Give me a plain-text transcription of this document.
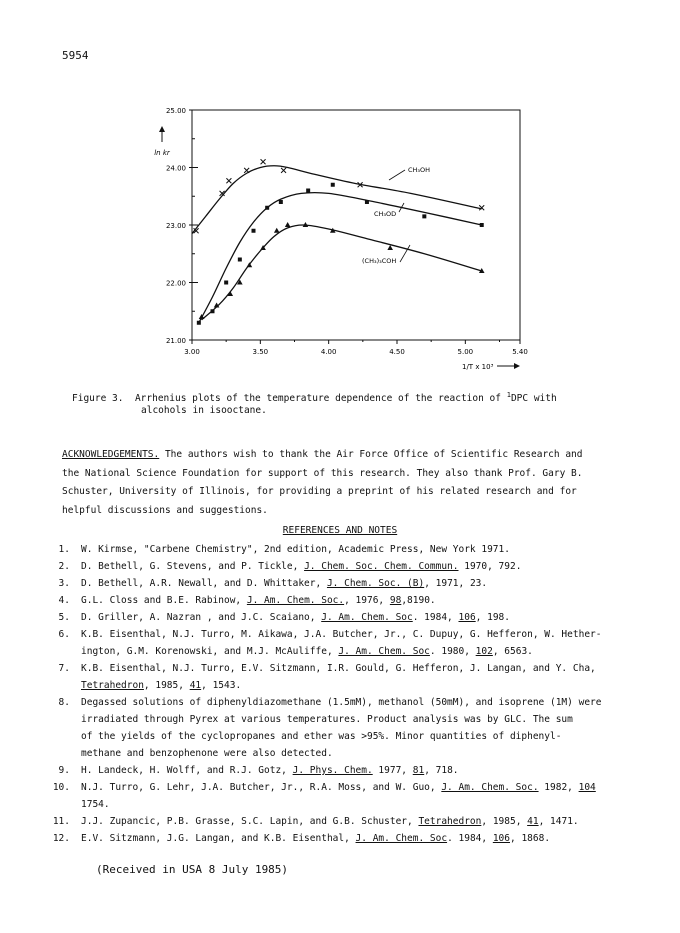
5954
21.00
22.00
23.00
24.00
25.00
3.00	3.50	4.00	4.50	5.00	5.40
ln kr
1/T x 10³
CH₃OH
CH₃OD
(CH₃)₃COH
Figure 3. Arrhenius plots of the temperature dependence of the reaction of $^1$DPC with
alcohols in isooctane.
ACKNOWLEDGEMENTS. The authors wish to thank the Air Force Office of Scientific Research and
the National Science Foundation for support of this research. They also thank Prof. Gary B.
Schuster, University of Illinois, for providing a preprint of his related research and for
helpful discussions and suggestions.
REFERENCES AND NOTES
1. W. Kirmse, "Carbene Chemistry", 2nd edition, Academic Press, New York 1971.
2. D. Bethell, G. Stevens, and P. Tickle, J. Chem. Soc. Chem. Commun. 1970, 792.
3. D. Bethell, A.R. Newall, and D. Whittaker, J. Chem. Soc. (B), 1971, 23.
4. G.L. Closs and B.E. Rabinow, J. Am. Chem. Soc., 1976, 98,8190.
5. D. Griller, A. Nazran , and J.C. Scaiano, J. Am. Chem. Soc. 1984, 106, 198.
6. K.B. Eisenthal, N.J. Turro, M. Aikawa, J.A. Butcher, Jr., C. Dupuy, G. Hefferon, W. Hether-
ington, G.M. Korenowski, and M.J. McAuliffe, J. Am. Chem. Soc. 1980, 102, 6563.
7. K.B. Eisenthal, N.J. Turro, E.V. Sitzmann, I.R. Gould, G. Hefferon, J. Langan, and Y. Cha,
Tetrahedron, 1985, 41, 1543.
8. Degassed solutions of diphenyldiazomethane (1.5mM), methanol (50mM), and isoprene (1M) were
irradiated through Pyrex at various temperatures. Product analysis was by GLC. The sum
of the yields of the cyclopropanes and ether was >95%. Minor quantities of diphenyl-
methane and benzophenone were also detected.
9. H. Landeck, H. Wolff, and R.J. Gotz, J. Phys. Chem. 1977, 81, 718.
10. N.J. Turro, G. Lehr, J.A. Butcher, Jr., R.A. Moss, and W. Guo, J. Am. Chem. Soc. 1982, 104
1754.
11. J.J. Zupancic, P.B. Grasse, S.C. Lapin, and G.B. Schuster, Tetrahedron, 1985, 41, 1471.
12. E.V. Sitzmann, J.G. Langan, and K.B. Eisenthal, J. Am. Chem. Soc. 1984, 106, 1868.
(Received in USA 8 July 1985)
